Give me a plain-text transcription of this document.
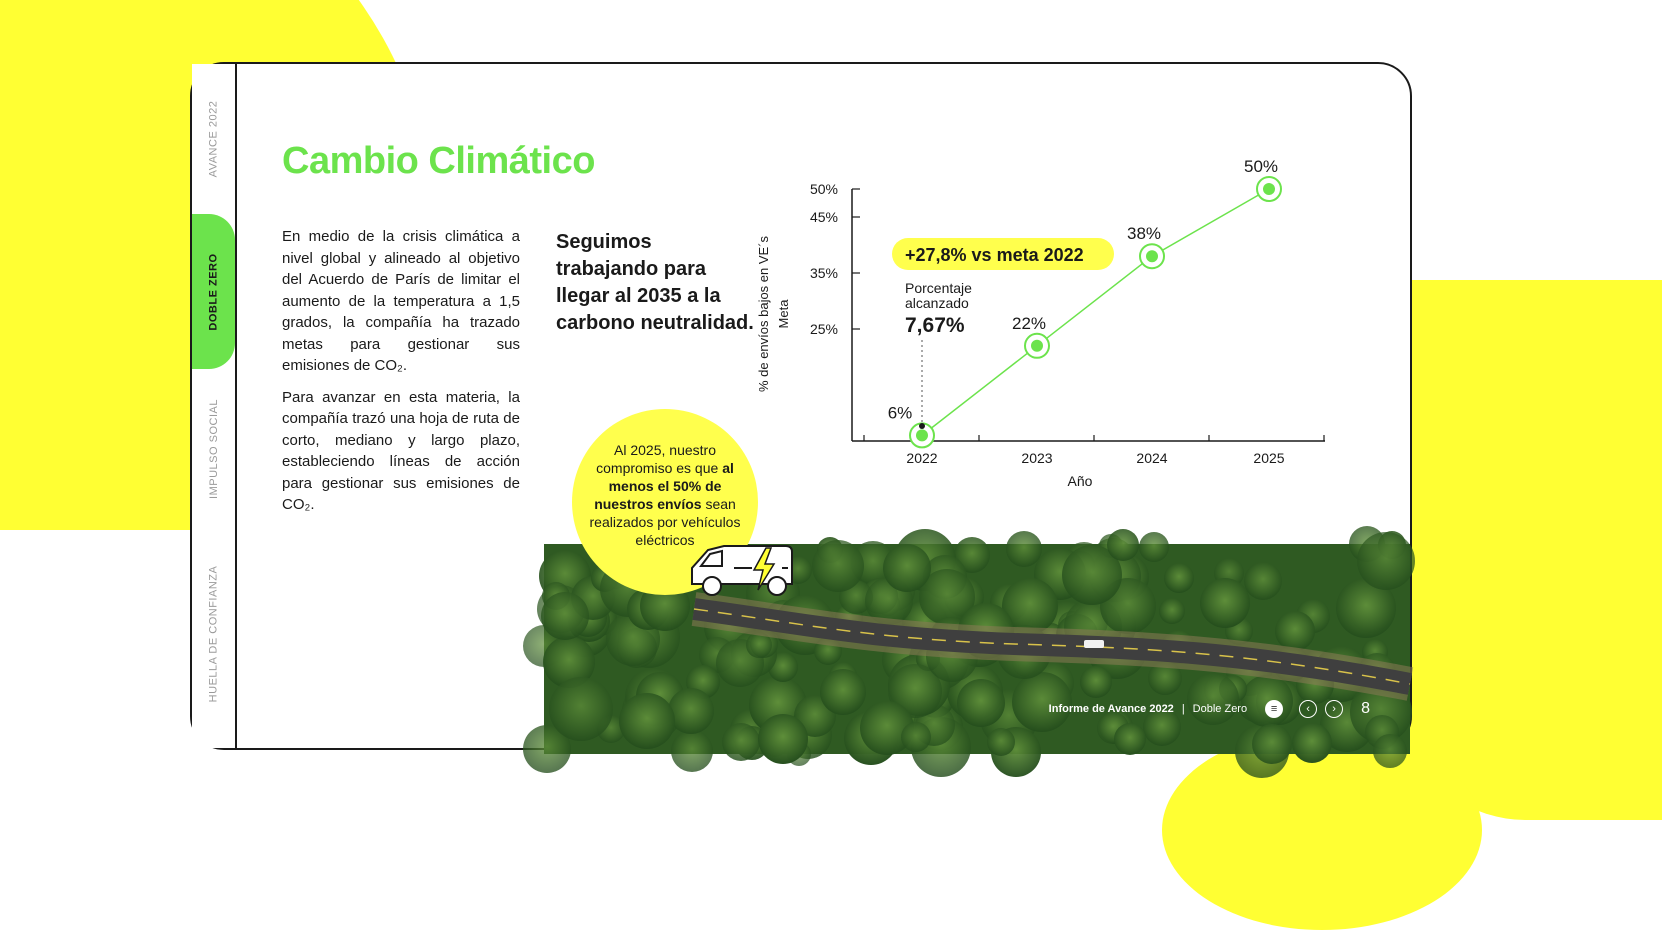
AVANCE 2022
DOBLE ZERO
IMPULSO SOCIAL
HUELLA DE CONFIANZA
Cambio Climático

En medio de la crisis climática a nivel global y alineado al objetivo del Acuerdo de París de limitar el aumento de la temperatura a 1,5 grados, la compañía ha trazado metas para gestionar sus emisiones de CO₂.

Para avanzar en esta materia, la compañía trazó una hoja de ruta de corto, mediano y largo plazo, estableciendo líneas de acción para gestionar sus emisiones de CO₂.

Seguimos trabajando para llegar al 2035 a la carbono neutralidad.	25%
35%
45%
50%
2022	2023	2024	2025
Año
% de envíos bajos en VE´s Meta
6%
22%
38%
50%
+27,8% vs meta 2022
Porcentaje
alcanzado
7,67%
Al 2025, nuestro compromiso es que al menos el 50% de nuestros envíos sean realizados por vehículos eléctricos
Informe de Avance 2022 | Doble Zero	≡	‹	›	8
